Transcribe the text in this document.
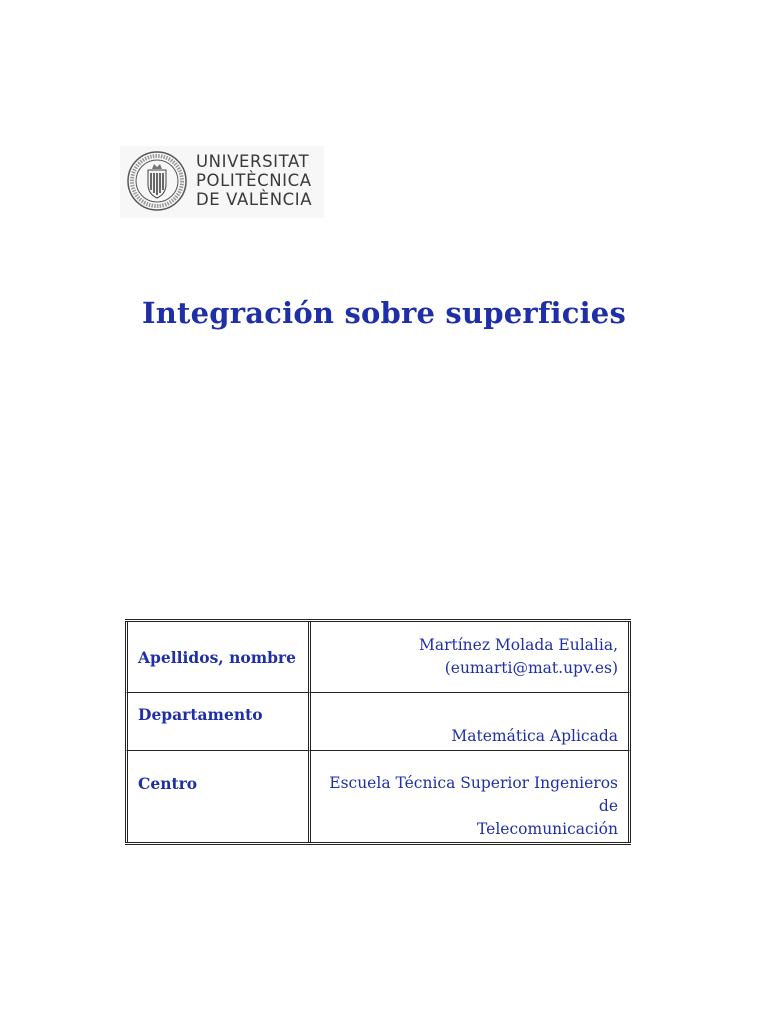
UNIVERSITAT
POLITÈCNICA
DE VALÈNCIA
Integración sobre superficies
Apellidos, nombre	Martínez Molada Eulalia,
(eumarti@mat.upv.es)

Departamento	Matemática Aplicada

Centro	Escuela Técnica Superior Ingenieros de
Telecomunicación
